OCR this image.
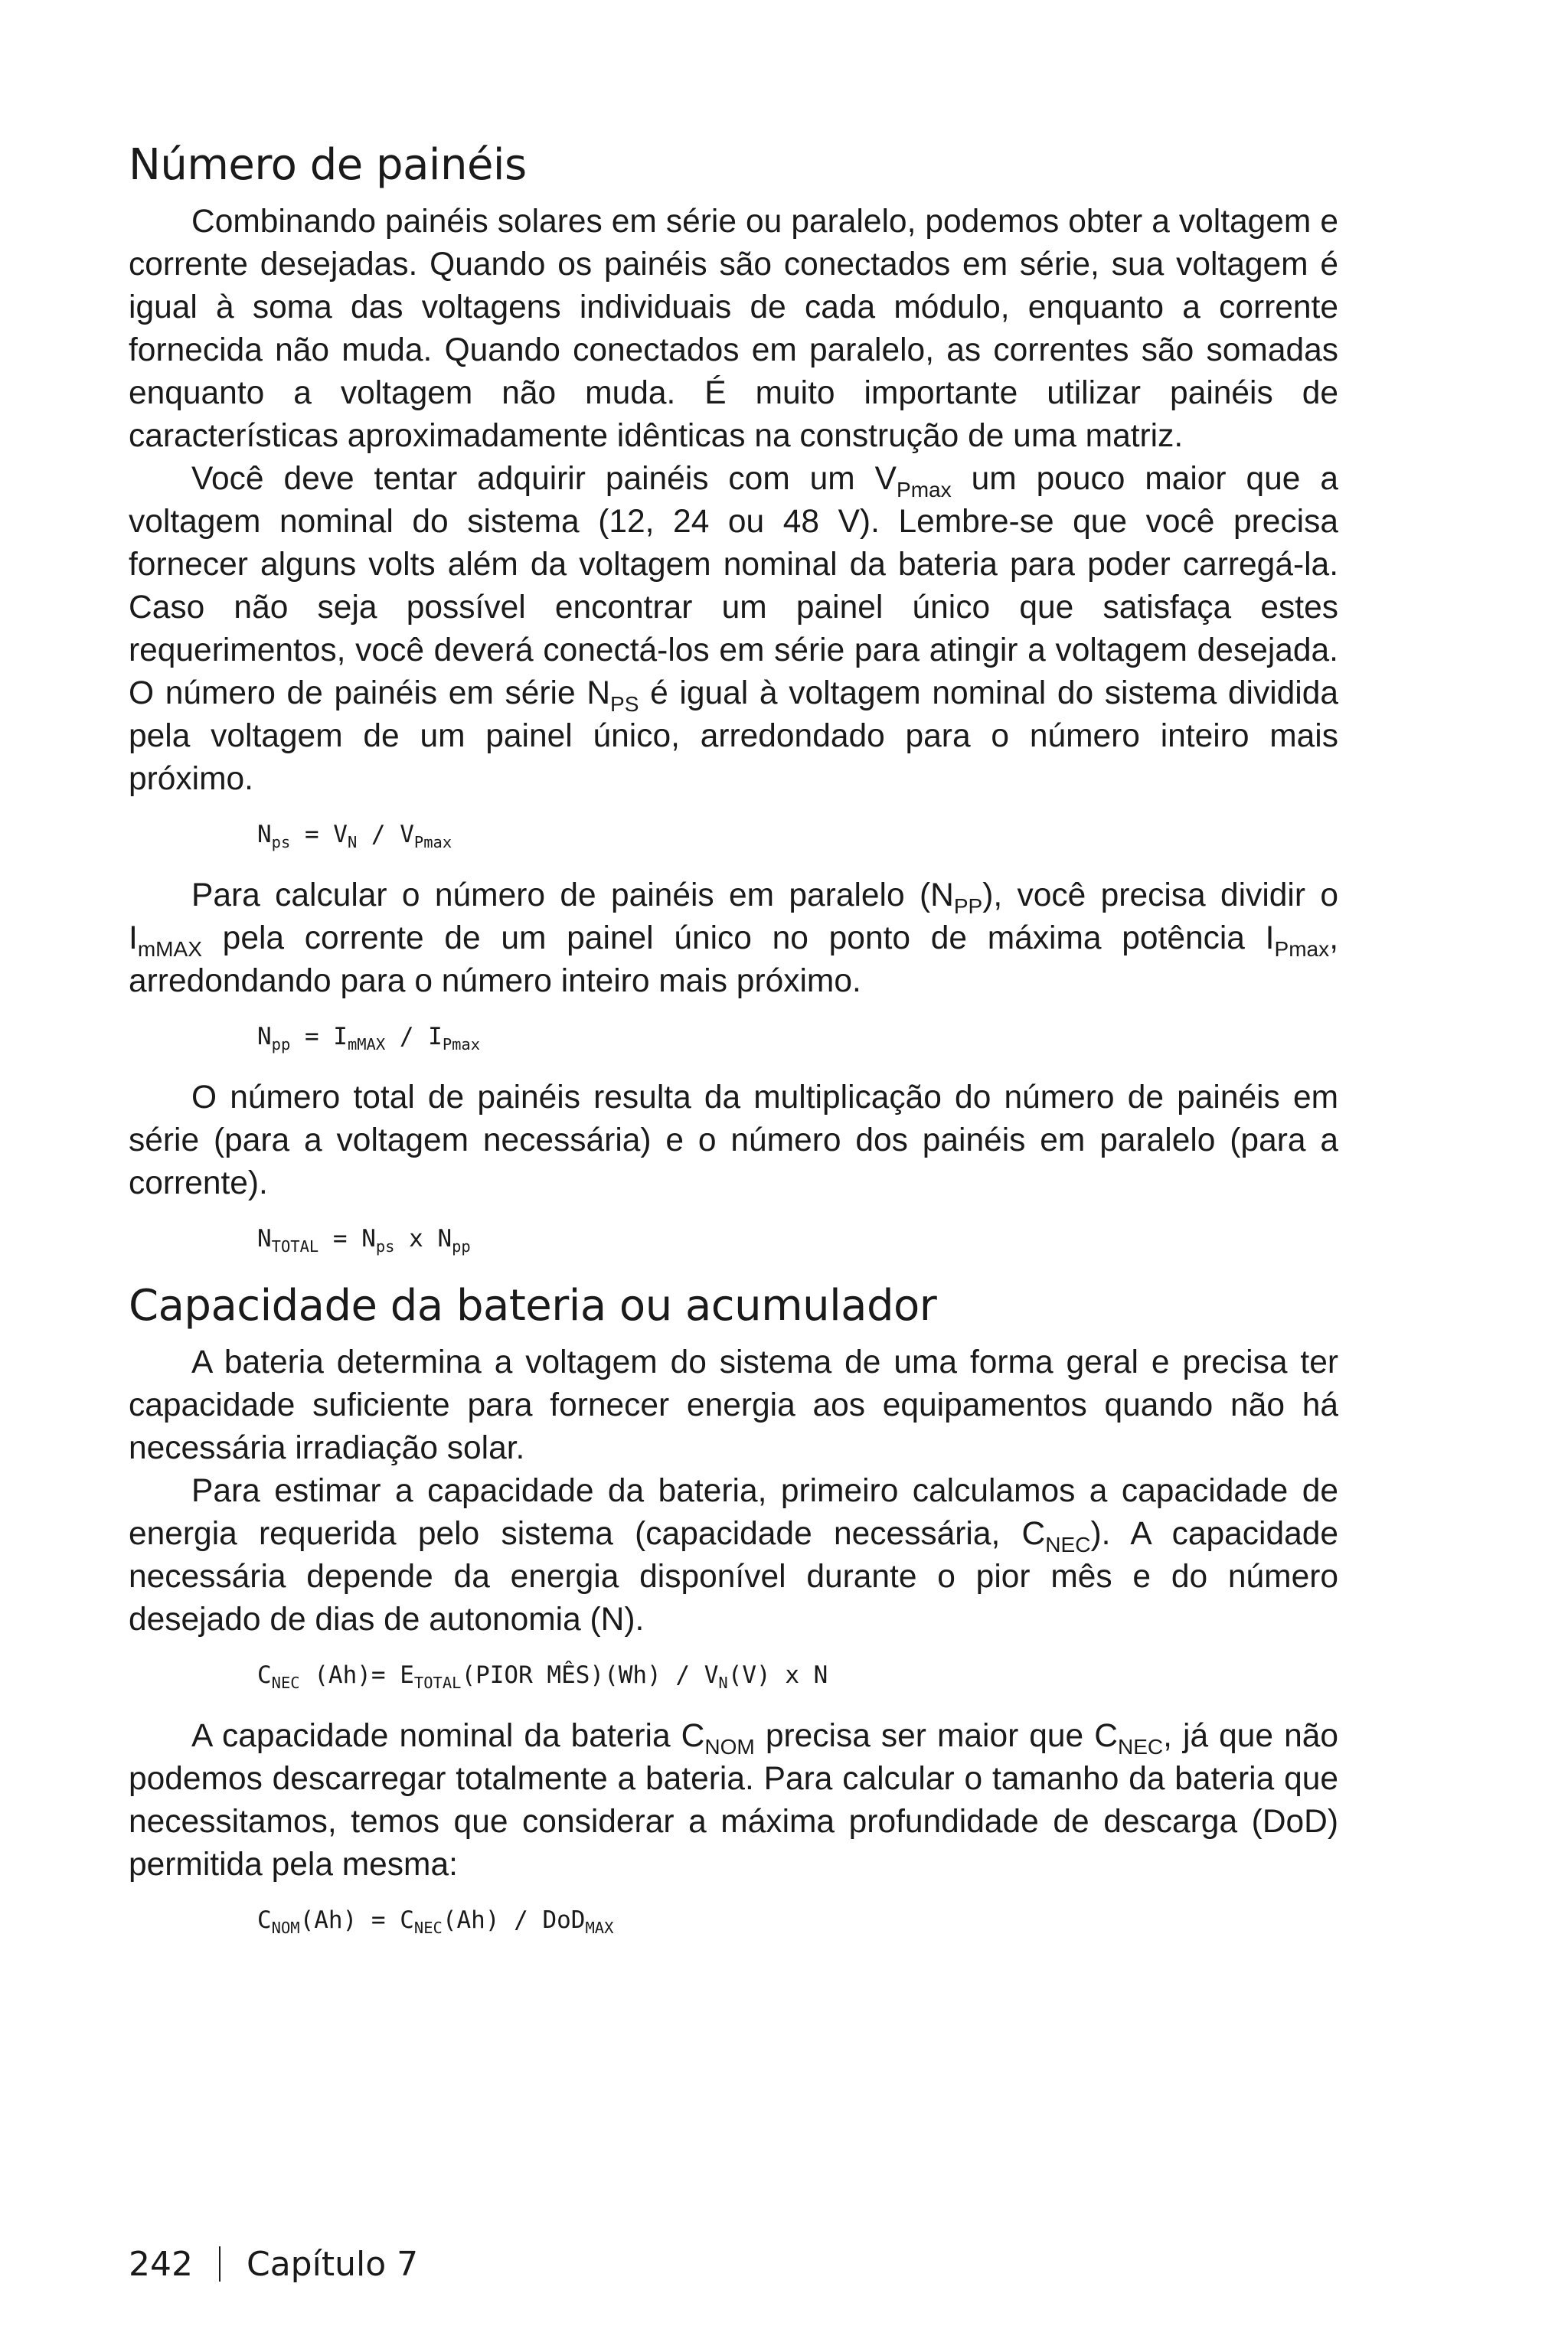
Número de painéis

Combinando painéis solares em série ou paralelo, podemos obter a voltagem e corrente desejadas. Quando os painéis são conectados em série, sua voltagem é igual à soma das voltagens individuais de cada módulo, enquanto a corrente fornecida não muda. Quando conectados em paralelo, as correntes são somadas enquanto a voltagem não muda. É muito importante utilizar painéis de características aproximadamente idênticas na construção de uma matriz.

Você deve tentar adquirir painéis com um $V_{Pmax}$ um pouco maior que a voltagem nominal do sistema (12, 24 ou 48 V). Lembre-se que você precisa fornecer alguns volts além da voltagem nominal da bateria para poder carregá-la. Caso não seja possível encontrar um painel único que satisfaça estes requerimentos, você deverá conectá-los em série para atingir a voltagem desejada. O número de painéis em série $N_{PS}$ é igual à voltagem nominal do sistema dividida pela voltagem de um painel único, arredondado para o número inteiro mais próximo.

$N_{ps} = V_N / V_{Pmax}$

Para calcular o número de painéis em paralelo $(N_{PP})$, você precisa dividir o $I_{mMAX}$ pela corrente de um painel único no ponto de máxima potência $I_{Pmax}$, arredondando para o número inteiro mais próximo.

$N_{pp} = I_{mMAX} / I_{Pmax}$

O número total de painéis resulta da multiplicação do número de painéis em série (para a voltagem necessária) e o número dos painéis em paralelo (para a corrente).

$N_{TOTAL} = N_{ps}$ x $N_{pp}$
Capacidade da bateria ou acumulador

A bateria determina a voltagem do sistema de uma forma geral e precisa ter capacidade suficiente para fornecer energia aos equipamentos quando não há necessária irradiação solar.

Para estimar a capacidade da bateria, primeiro calculamos a capacidade de energia requerida pelo sistema (capacidade necessária, $C_{NEC}$). A capacidade necessária depende da energia disponível durante o pior mês e do número desejado de dias de autonomia (N).

$C_{NEC}$ $(Ah)= E_{TOTAL}(PIOR$ MÊS)(Wh) / $V_N(V)$ x N

A capacidade nominal da bateria $C_{NOM}$ precisa ser maior que $C_{NEC}$, já que não podemos descarregar totalmente a bateria. Para calcular o tamanho da bateria que necessitamos, temos que considerar a máxima profundidade de descarga (DoD) permitida pela mesma:

$C_{NOM}(Ah) = C_{NEC}(Ah) / DoD_{MAX}$
242 Capítulo 7
